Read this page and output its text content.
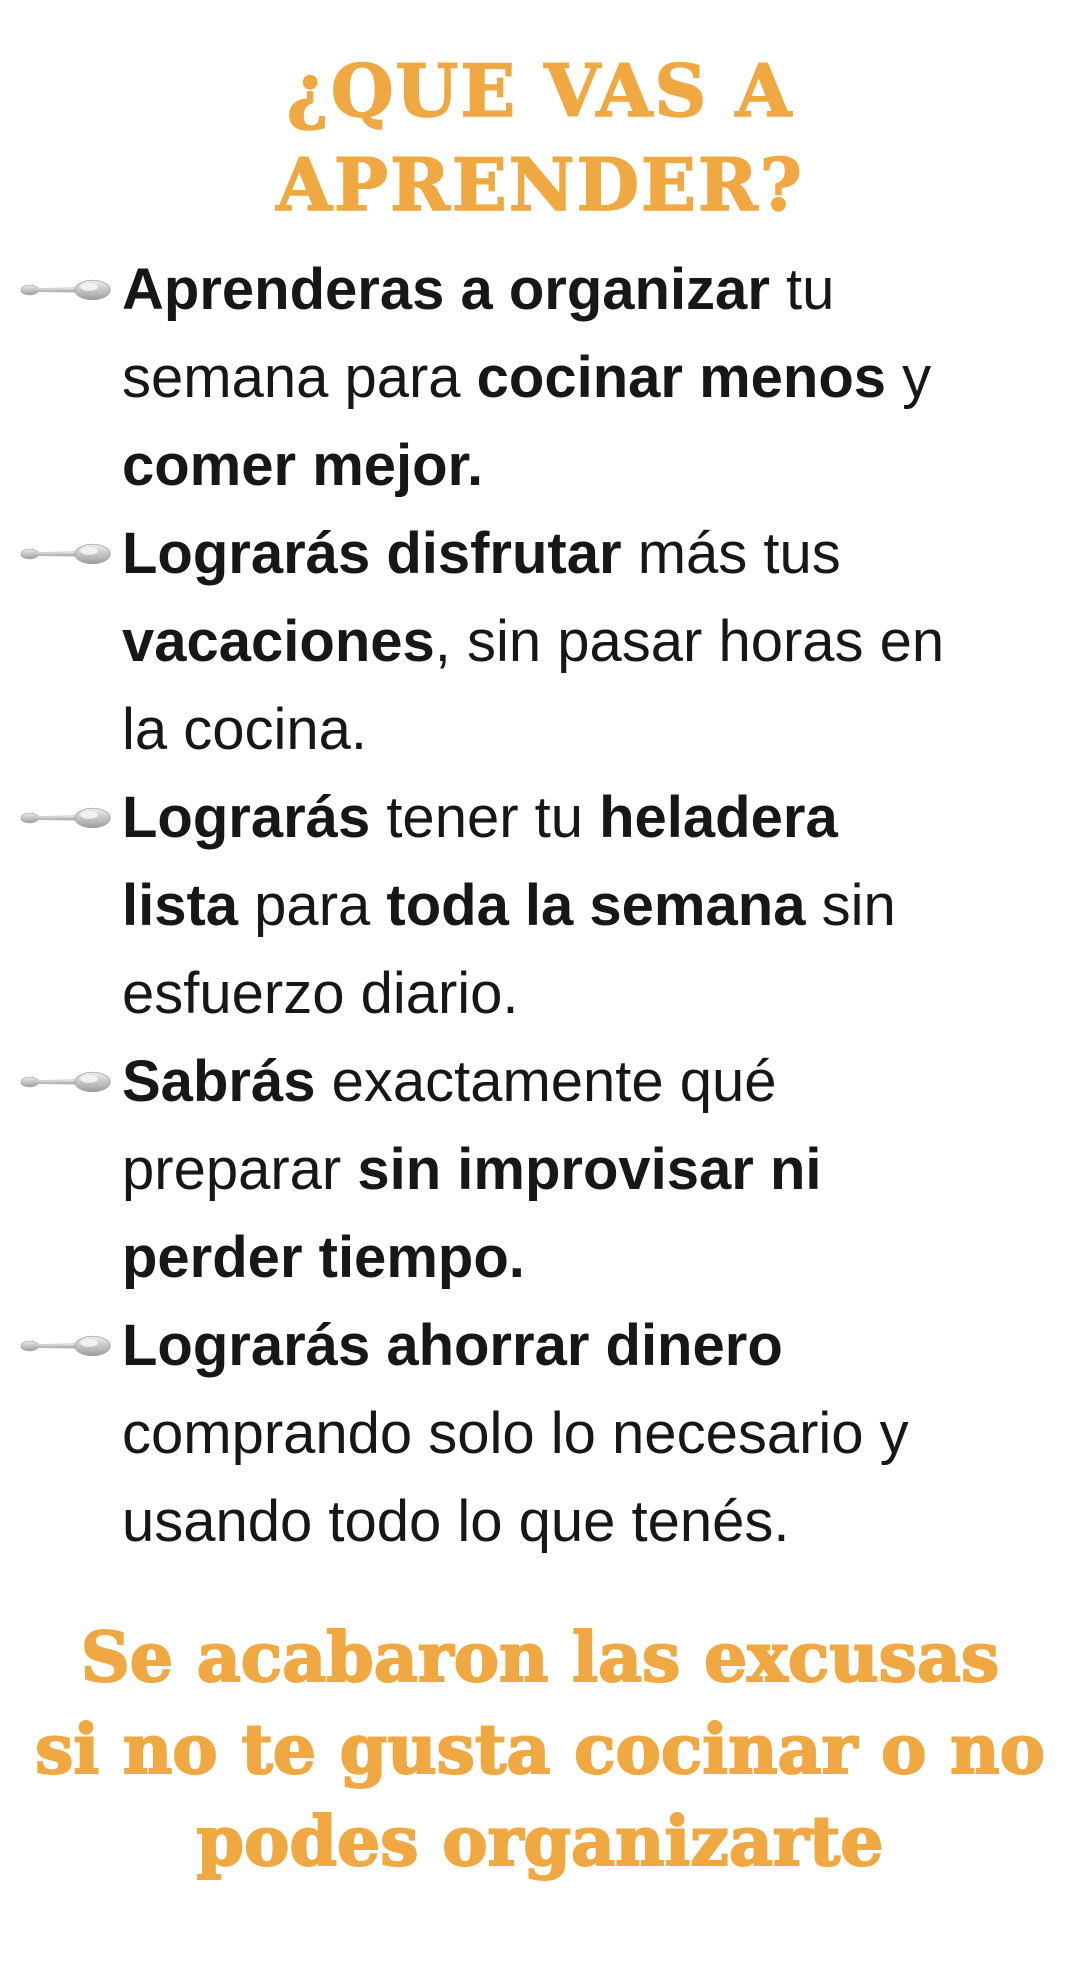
¿QUE VAS A
APRENDER?
Aprenderas a organizar tu
semana para cocinar menos y
comer mejor.
Lograrás disfrutar más tus
vacaciones, sin pasar horas en
la cocina.
Lograrás tener tu heladera
lista para toda la semana sin
esfuerzo diario.
Sabrás exactamente qué
preparar sin improvisar ni
perder tiempo.
Lograrás ahorrar dinero
comprando solo lo necesario y
usando todo lo que tenés.
Se acabaron las excusas
si no te gusta cocinar o no
podes organizarte
